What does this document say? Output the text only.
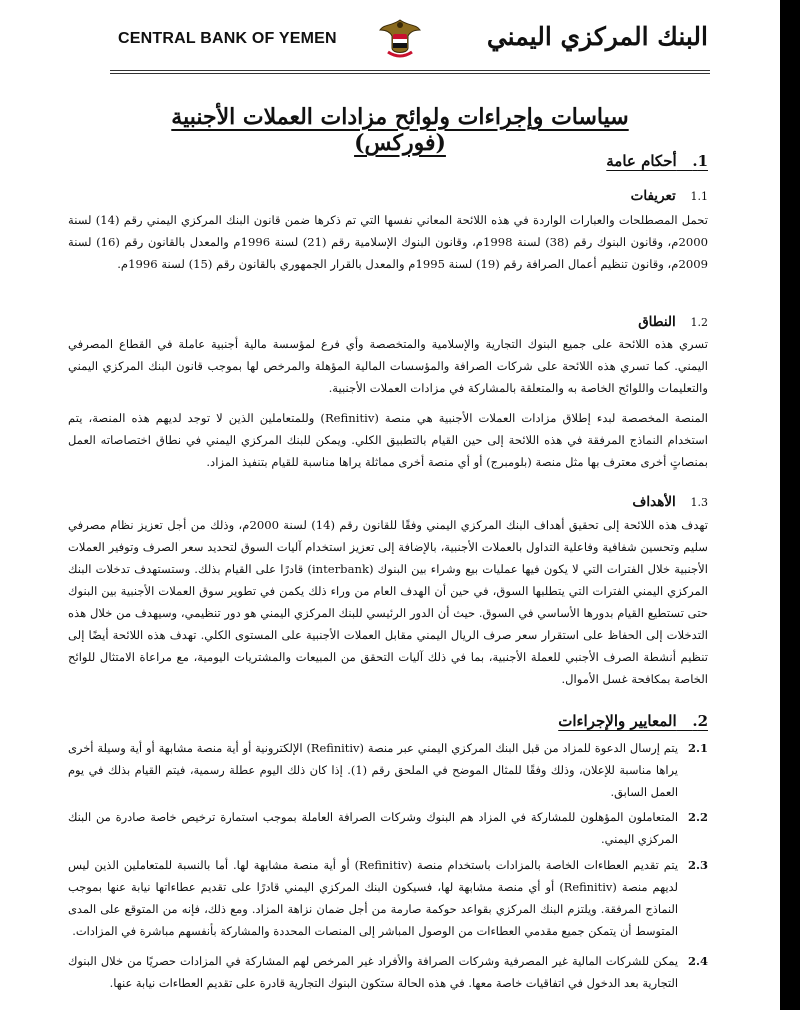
CENTRAL BANK OF YEMEN	البنك المركزي اليمني
سياسات وإجراءات ولوائح مزادات العملات الأجنبية (فوركس)
1.   أحكام عامة
1.1 تعريفات
تحمل المصطلحات والعبارات الواردة في هذه اللائحة المعاني نفسها التي تم ذكرها ضمن قانون البنك المركزي اليمني رقم (14) لسنة 2000م، وقانون البنوك رقم (38) لسنة 1998م، وقانون البنوك الإسلامية رقم (21) لسنة 1996م والمعدل بالقانون رقم (16) لسنة 2009م، وقانون تنظيم أعمال الصرافة رقم (19) لسنة 1995م والمعدل بالقرار الجمهوري بالقانون رقم (15) لسنة 1996م.
1.2 النطاق
تسري هذه اللائحة على جميع البنوك التجارية والإسلامية والمتخصصة وأي فرع لمؤسسة مالية أجنبية عاملة في القطاع المصرفي اليمني. كما تسري هذه اللائحة على شركات الصرافة والمؤسسات المالية المؤهلة والمرخص لها بموجب قانون البنك المركزي اليمني والتعليمات واللوائح الخاصة به والمتعلقة بالمشاركة في مزادات العملات الأجنبية.
المنصة المخصصة لبدء إطلاق مزادات العملات الأجنبية هي منصة (Refinitiv) وللمتعاملين الذين لا توجد لديهم هذه المنصة، يتم استخدام النماذج المرفقة في هذه اللائحة إلى حين القيام بالتطبيق الكلي. ويمكن للبنك المركزي اليمني في نطاق اختصاصاته العمل بمنصاتٍ أخرى معترف بها مثل منصة (بلومبرج) أو أي منصة أخرى مماثلة يراها مناسبة للقيام بتنفيذ المزاد.
1.3 الأهداف
تهدف هذه اللائحة إلى تحقيق أهداف البنك المركزي اليمني وفقًا للقانون رقم (14) لسنة 2000م، وذلك من أجل تعزيز نظام مصرفي سليم وتحسين شفافية وفاعلية التداول بالعملات الأجنبية، بالإضافة إلى تعزيز استخدام آليات السوق لتحديد سعر الصرف وتوفير العملات الأجنبية خلال الفترات التي لا يكون فيها عمليات بيع وشراء بين البنوك (interbank) قادرًا على القيام بذلك. وستستهدف تدخلات البنك المركزي اليمني الفترات التي يتطلبها السوق، في حين أن الهدف العام من وراء ذلك يكمن في تطوير سوق العملات الأجنبية بين البنوك حتى تستطيع القيام بدورها الأساسي في السوق. حيث أن الدور الرئيسي للبنك المركزي اليمني هو دور تنظيمي، وسيهدف من خلال هذه التدخلات إلى الحفاظ على استقرار سعر صرف الريال اليمني مقابل العملات الأجنبية على المستوى الكلي. تهدف هذه اللائحة أيضًا إلى تنظيم أنشطة الصرف الأجنبي للعملة الأجنبية، بما في ذلك آليات التحقق من المبيعات والمشتريات اليومية، مع مراعاة الامتثال للوائح الخاصة بمكافحة غسل الأموال.
2.   المعايير والإجراءات
2.1
يتم إرسال الدعوة للمزاد من قبل البنك المركزي اليمني عبر منصة (Refinitiv) الإلكترونية أو أية منصة مشابهة أو أية وسيلة أخرى يراها مناسبة للإعلان، وذلك وفقًا للمثال الموضح في الملحق رقم (1). إذا كان ذلك اليوم عطلة رسمية، فيتم القيام بذلك في يوم العمل السابق.
2.2
المتعاملون المؤهلون للمشاركة في المزاد هم البنوك وشركات الصرافة العاملة بموجب استمارة ترخيص خاصة صادرة من البنك المركزي اليمني.
2.3
يتم تقديم العطاءات الخاصة بالمزادات باستخدام منصة (Refinitiv) أو أية منصة مشابهة لها. أما بالنسبة للمتعاملين الذين ليس لديهم منصة (Refinitiv) أو أي منصة مشابهة لها، فسيكون البنك المركزي اليمني قادرًا على تقديم عطاءاتها نيابة عنها بموجب النماذج المرفقة. ويلتزم البنك المركزي بقواعد حوكمة صارمة من أجل ضمان نزاهة المزاد. ومع ذلك، فإنه من المتوقع على المدى المتوسط أن يتمكن جميع مقدمي العطاءات من الوصول المباشر إلى المنصات المحددة والمشاركة بأنفسهم مباشرة في المزادات.
2.4
يمكن للشركات المالية غير المصرفية وشركات الصرافة والأفراد غير المرخص لهم المشاركة في المزادات حصريًا من خلال البنوك التجارية بعد الدخول في اتفاقيات خاصة معها. في هذه الحالة ستكون البنوك التجارية قادرة على تقديم العطاءات نيابة عنها.
